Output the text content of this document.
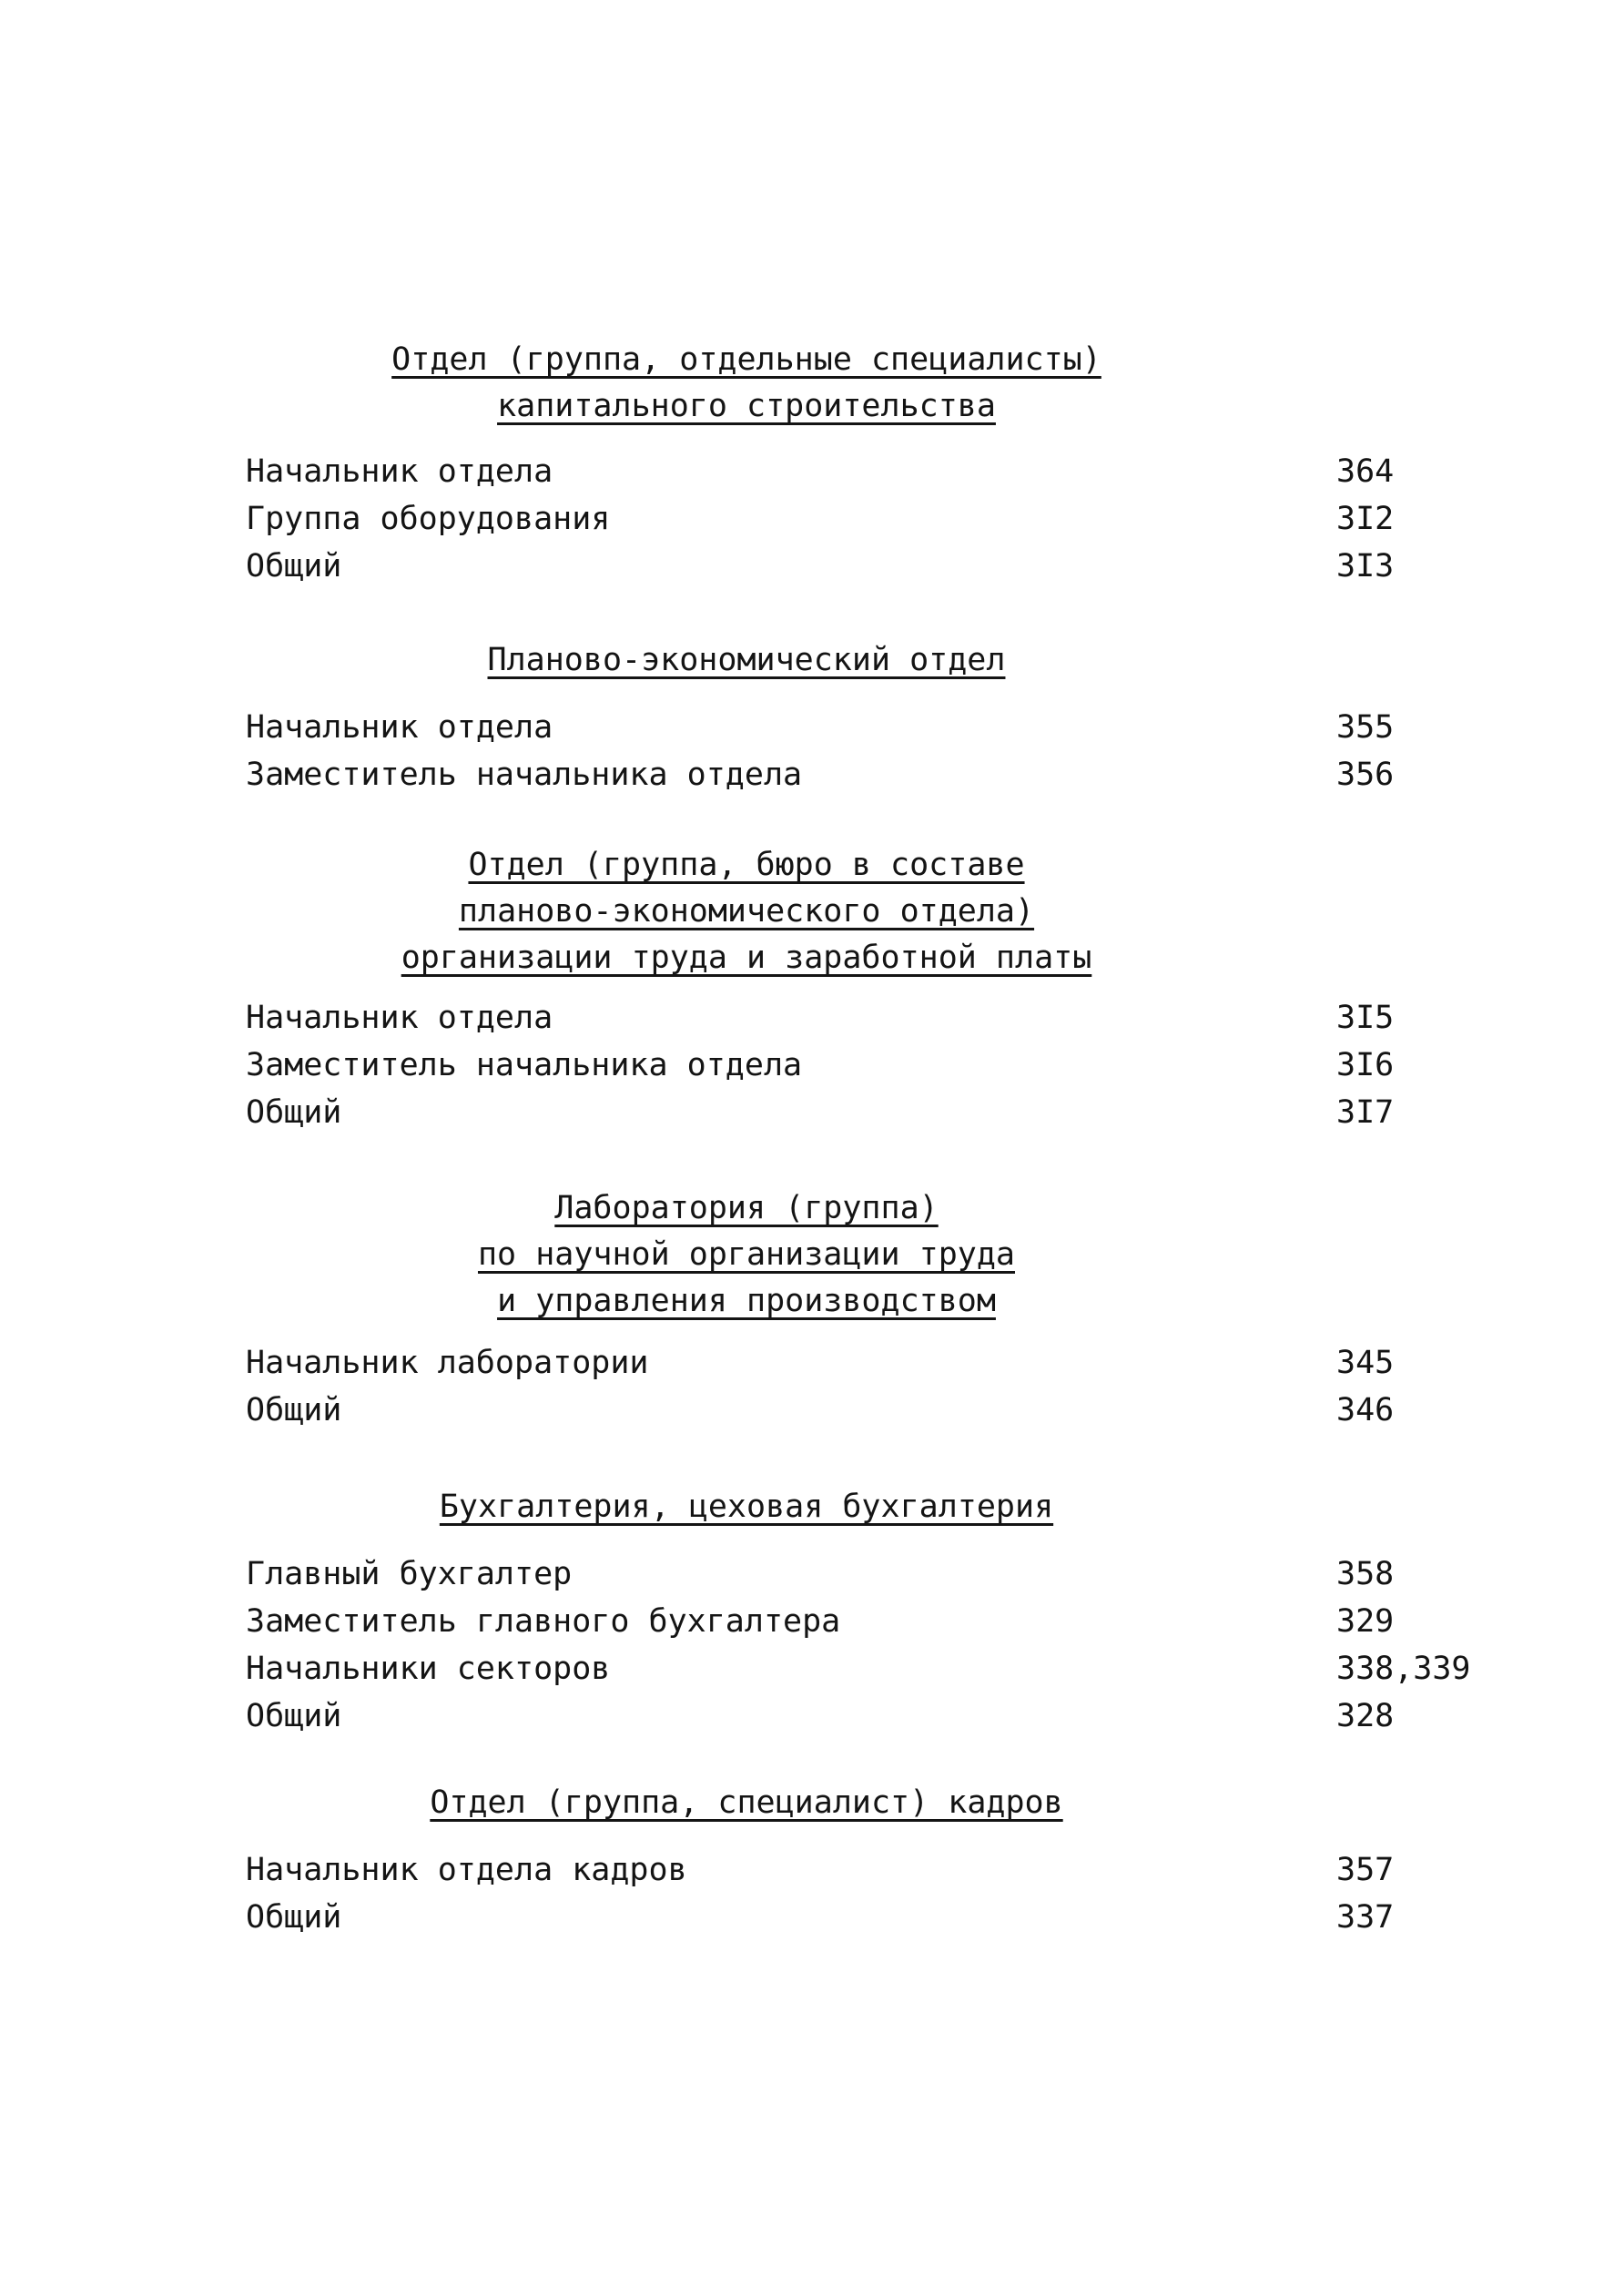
Отдел (группа, отдельные специалисты)
капитального строительства
Начальник отдела	364
Группа оборудования	3I2
Общий	3I3
Планово-экономический отдел
Начальник отдела	355
Заместитель начальника отдела	356
Отдел (группа, бюро в составе
планово-экономического отдела)
организации труда и заработной платы
Начальник отдела	3I5
Заместитель начальника отдела	3I6
Общий	3I7
Лаборатория (группа)
по научной организации труда
и управления производством
Начальник лаборатории	345
Общий	346
Бухгалтерия, цеховая бухгалтерия
Главный бухгалтер	358
Заместитель главного бухгалтера	329
Начальники секторов	338,339
Общий	328
Отдел (группа, специалист) кадров
Начальник отдела кадров	357
Общий	337
